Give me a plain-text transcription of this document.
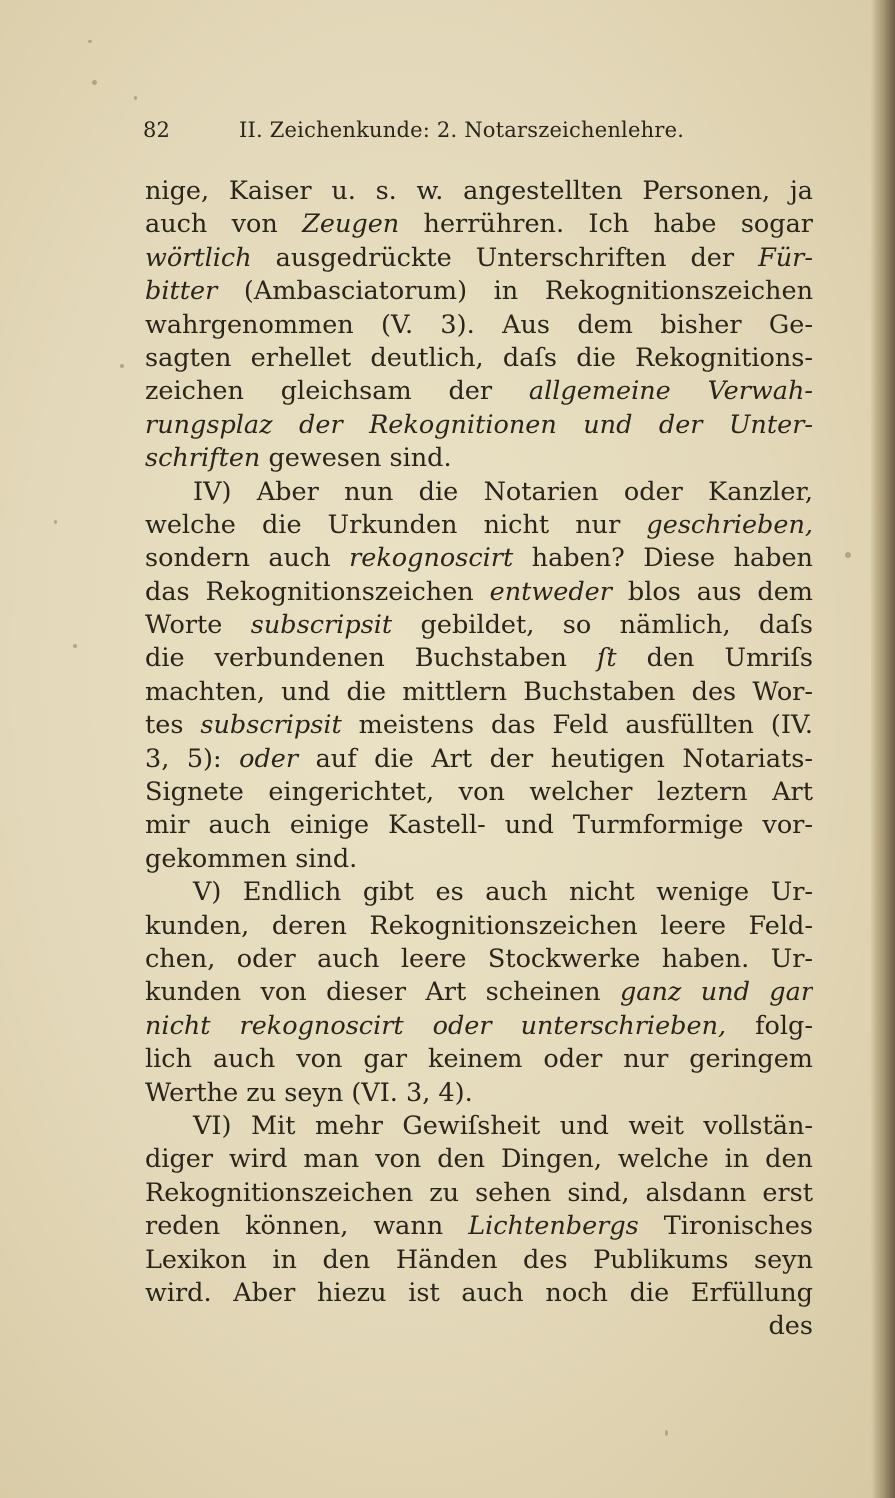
82	II. Zeichenkunde: 2. Notarszeichenlehre.
nige, Kaiser u. s. w. angestellten Personen, ja
auch von Zeugen herrühren. Ich habe sogar
wörtlich ausgedrückte Unterschriften der Für-
bitter (Ambasciatorum) in Rekognitionszeichen
wahrgenommen (V. 3). Aus dem bisher Ge-
sagten erhellet deutlich, daſs die Rekognitions-
zeichen gleichsam der allgemeine Verwah-
rungsplaz der Rekognitionen und der Unter-
schriften gewesen sind.
IV) Aber nun die Notarien oder Kanzler,
welche die Urkunden nicht nur geschrieben,
sondern auch rekognoscirt haben? Diese haben
das Rekognitionszeichen entweder blos aus dem
Worte subscripsit gebildet, so nämlich, daſs
die verbundenen Buchstaben ſt den Umriſs
machten, und die mittlern Buchstaben des Wor-
tes subscripsit meistens das Feld ausfüllten (IV.
3, 5): oder auf die Art der heutigen Notariats-
Signete eingerichtet, von welcher leztern Art
mir auch einige Kastell- und Turmformige vor-
gekommen sind.
V) Endlich gibt es auch nicht wenige Ur-
kunden, deren Rekognitionszeichen leere Feld-
chen, oder auch leere Stockwerke haben. Ur-
kunden von dieser Art scheinen ganz und gar
nicht rekognoscirt oder unterschrieben, folg-
lich auch von gar keinem oder nur geringem
Werthe zu seyn (VI. 3, 4).
VI) Mit mehr Gewiſsheit und weit vollstän-
diger wird man von den Dingen, welche in den
Rekognitionszeichen zu sehen sind, alsdann erst
reden können, wann Lichtenbergs Tironisches
Lexikon in den Händen des Publikums seyn
wird. Aber hiezu ist auch noch die Erfüllung
des
